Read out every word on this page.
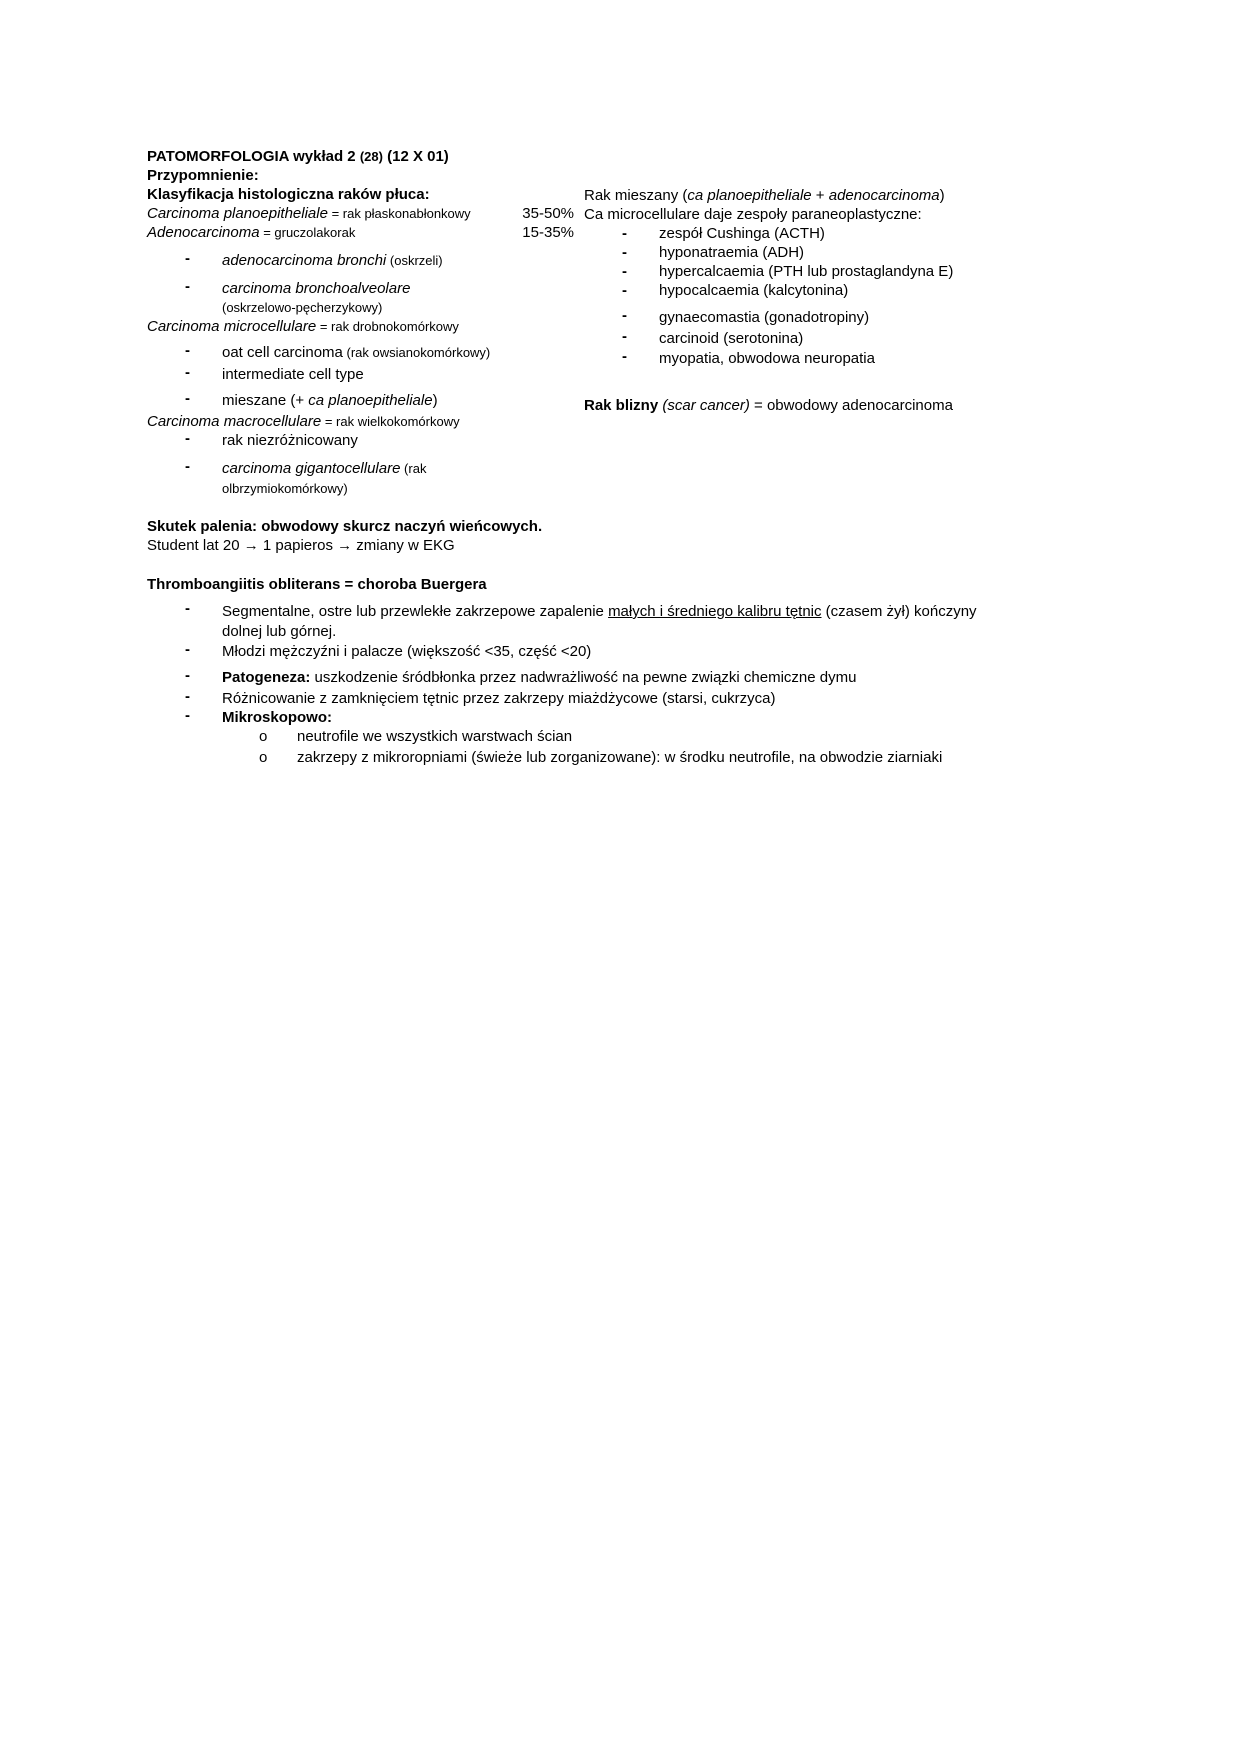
PATOMORFOLOGIA wykład 2 (28) (12 X 01)
Przypomnienie:
Klasyfikacja histologiczna raków płuca:
Carcinoma planoepitheliale = rak płaskonabłonkowy	35-50%
Adenocarcinoma = gruczolakorak	15-35%
- adenocarcinoma bronchi (oskrzeli)
- carcinoma bronchoalveolare
(oskrzelowo-pęcherzykowy)
Carcinoma microcellulare = rak drobnokomórkowy
- oat cell carcinoma (rak owsianokomórkowy)
- intermediate cell type
- mieszane (+ ca planoepitheliale)
Carcinoma macrocellulare = rak wielkokomórkowy
- rak niezróżnicowany
- carcinoma gigantocellulare (rak
olbrzymiokomórkowy)
Rak mieszany (ca planoepitheliale + adenocarcinoma)
Ca microcellulare daje zespoły paraneoplastyczne:
- zespół Cushinga (ACTH)
- hyponatraemia (ADH)
- hypercalcaemia (PTH lub prostaglandyna E)
- hypocalcaemia (kalcytonina)
- gynaecomastia (gonadotropiny)
- carcinoid (serotonina)
- myopatia, obwodowa neuropatia
Rak blizny (scar cancer) = obwodowy adenocarcinoma
Skutek palenia: obwodowy skurcz naczyń wieńcowych.
Student lat 20 → 1 papieros → zmiany w EKG
Thromboangiitis obliterans = choroba Buergera
- Segmentalne, ostre lub przewlekłe zakrzepowe zapalenie małych i średniego kalibru tętnic (czasem żył) kończyny
dolnej lub górnej.
- Młodzi mężczyźni i palacze (większość <35, część <20)
- Patogeneza: uszkodzenie śródbłonka przez nadwrażliwość na pewne związki chemiczne dymu
- Różnicowanie z zamknięciem tętnic przez zakrzepy miażdżycowe (starsi, cukrzyca)
- Mikroskopowo:
o neutrofile we wszystkich warstwach ścian
o zakrzepy z mikroropniami (świeże lub zorganizowane): w środku neutrofile, na obwodzie ziarniaki
